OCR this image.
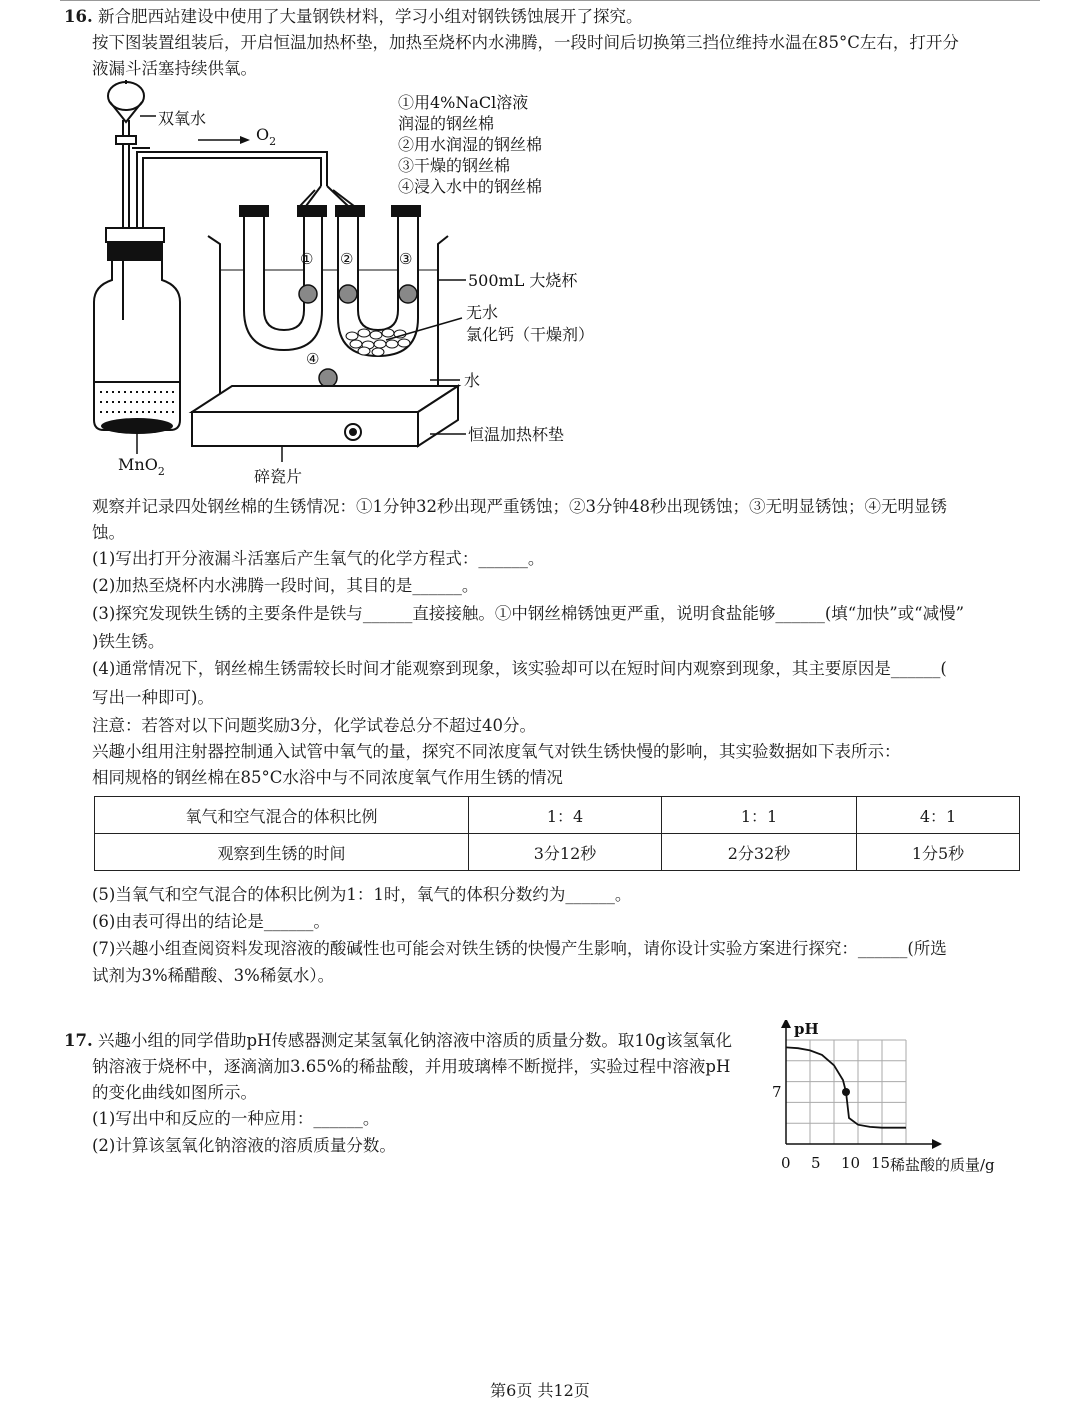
16. 新合肥西站建设中使用了大量钢铁材料，学习小组对钢铁锈蚀展开了探究。
按下图装置组装后，开启恒温加热杯垫，加热至烧杯内水沸腾，一段时间后切换第三挡位维持水温在85°C左右，打开分
液漏斗活塞持续供氧。
双氧水
$O_2$
MnO$_2$
① ②	③
④
碎瓷片
500mL 大烧杯
无水
氯化钙（干燥剂）
水
恒温加热杯垫
①用4%NaCl溶液
润湿的钢丝棉
②用水润湿的钢丝棉
③干燥的钢丝棉
④浸入水中的钢丝棉
观察并记录四处钢丝棉的生锈情况：①1分钟32秒出现严重锈蚀；②3分钟48秒出现锈蚀；③无明显锈蚀；④无明显锈
蚀。
(1)写出打开分液漏斗活塞后产生氧气的化学方程式：______。
(2)加热至烧杯内水沸腾一段时间，其目的是______。
(3)探究发现铁生锈的主要条件是铁与______直接接触。①中钢丝棉锈蚀更严重，说明食盐能够______(填“加快”或“减慢”
)铁生锈。
(4)通常情况下，钢丝棉生锈需较长时间才能观察到现象，该实验却可以在短时间内观察到现象，其主要原因是______(
写出一种即可)。
注意：若答对以下问题奖励3分，化学试卷总分不超过40分。
兴趣小组用注射器控制通入试管中氧气的量，探究不同浓度氧气对铁生锈快慢的影响，其实验数据如下表所示：
相同规格的钢丝棉在85°C水浴中与不同浓度氧气作用生锈的情况
氧气和空气混合的体积比例	1：4	1：1	4：1
观察到生锈的时间	3分12秒	2分32秒	1分5秒
(5)当氧气和空气混合的体积比例为1：1时，氧气的体积分数约为______。
(6)由表可得出的结论是______。
(7)兴趣小组查阅资料发现溶液的酸碱性也可能会对铁生锈的快慢产生影响，请你设计实验方案进行探究：______(所选
试剂为3%稀醋酸、3%稀氨水）。
17. 兴趣小组的同学借助pH传感器测定某氢氧化钠溶液中溶质的质量分数。取10g该氢氧化
钠溶液于烧杯中，逐滴滴加3.65%的稀盐酸，并用玻璃棒不断搅拌，实验过程中溶液pH
的变化曲线如图所示。
(1)写出中和反应的一种应用：______。
(2)计算该氢氧化钠溶液的溶质质量分数。
pH
0 5 10 15 稀盐酸的质量/g
7
第6页 共12页
